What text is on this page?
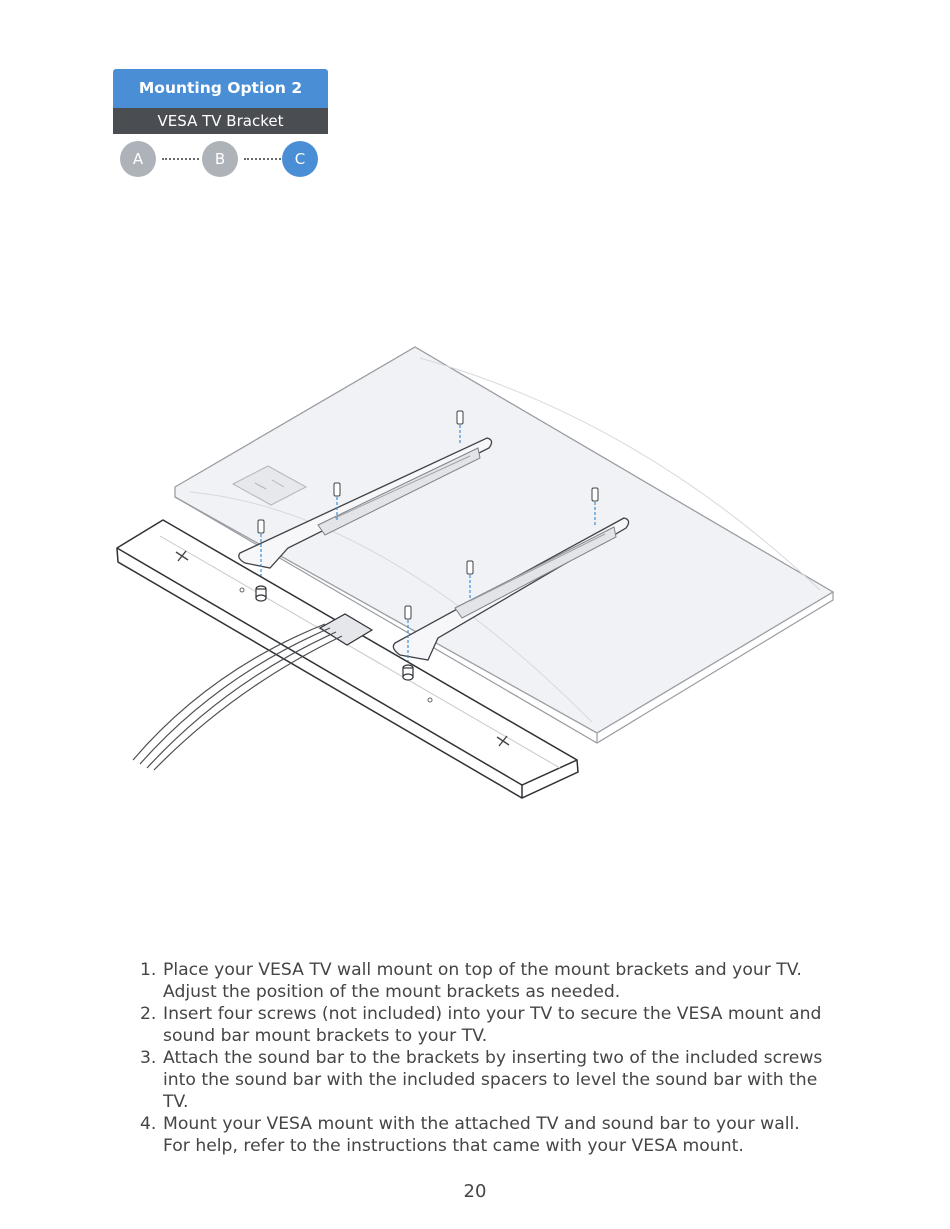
Mounting Option 2
VESA TV Bracket
A	B	C
1. Place your VESA TV wall mount on top of the mount brackets and your TV. Adjust the position of the mount brackets as needed.
2. Insert four screws (not included) into your TV to secure the VESA mount and sound bar mount brackets to your TV.
3. Attach the sound bar to the brackets by inserting two of the included screws into the sound bar with the included spacers to level the sound bar with the TV.
4. Mount your VESA mount with the attached TV and sound bar to your wall. For help, refer to the instructions that came with your VESA mount.
20
